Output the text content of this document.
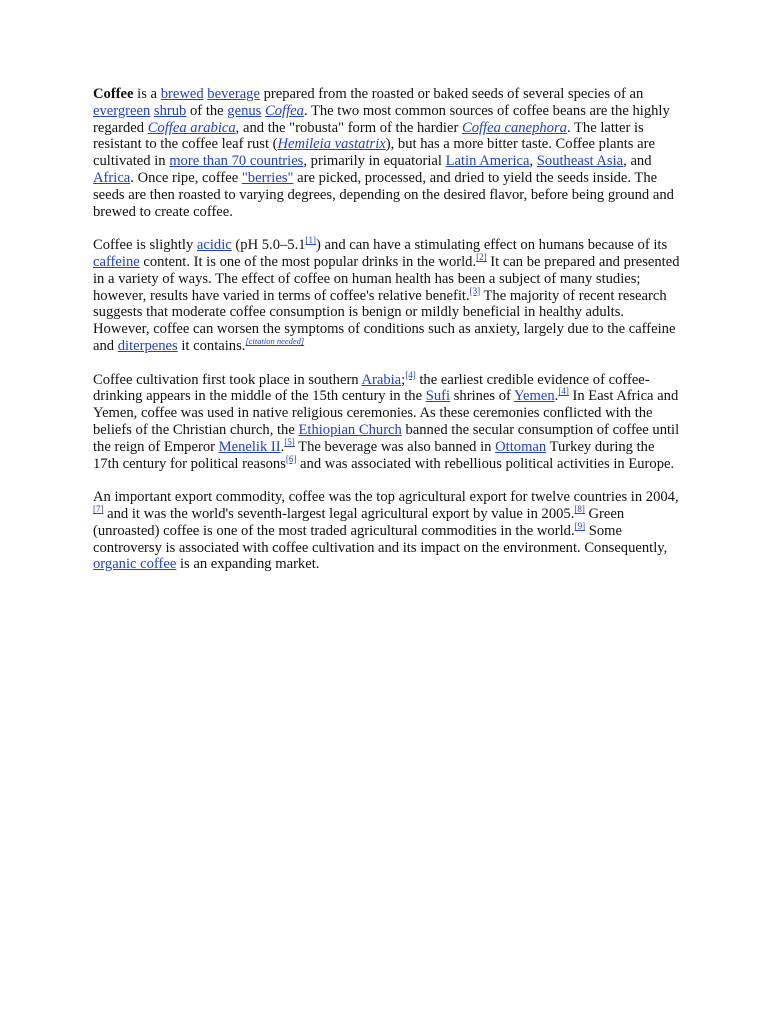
Coffee is a brewed beverage prepared from the roasted or baked seeds of several species of an evergreen shrub of the genus Coffea. The two most common sources of coffee beans are the highly regarded Coffea arabica, and the "robusta" form of the hardier Coffea canephora. The latter is resistant to the coffee leaf rust (Hemileia vastatrix), but has a more bitter taste. Coffee plants are cultivated in more than 70 countries, primarily in equatorial Latin America, Southeast Asia, and Africa. Once ripe, coffee "berries" are picked, processed, and dried to yield the seeds inside. The seeds are then roasted to varying degrees, depending on the desired flavor, before being ground and brewed to create coffee.

Coffee is slightly acidic (pH 5.0–5.1[1]) and can have a stimulating effect on humans because of its caffeine content. It is one of the most popular drinks in the world.[2] It can be prepared and presented in a variety of ways. The effect of coffee on human health has been a subject of many studies; however, results have varied in terms of coffee's relative benefit.[3] The majority of recent research suggests that moderate coffee consumption is benign or mildly beneficial in healthy adults. However, coffee can worsen the symptoms of conditions such as anxiety, largely due to the caffeine and diterpenes it contains.[citation needed]

Coffee cultivation first took place in southern Arabia;[4] the earliest credible evidence of coffee-drinking appears in the middle of the 15th century in the Sufi shrines of Yemen.[4] In East Africa and Yemen, coffee was used in native religious ceremonies. As these ceremonies conflicted with the beliefs of the Christian church, the Ethiopian Church banned the secular consumption of coffee until the reign of Emperor Menelik II.[5] The beverage was also banned in Ottoman Turkey during the 17th century for political reasons[6] and was associated with rebellious political activities in Europe.

An important export commodity, coffee was the top agricultural export for twelve countries in 2004,[7] and it was the world's seventh-largest legal agricultural export by value in 2005.[8] Green (unroasted) coffee is one of the most traded agricultural commodities in the world.[9] Some controversy is associated with coffee cultivation and its impact on the environment. Consequently, organic coffee is an expanding market.
